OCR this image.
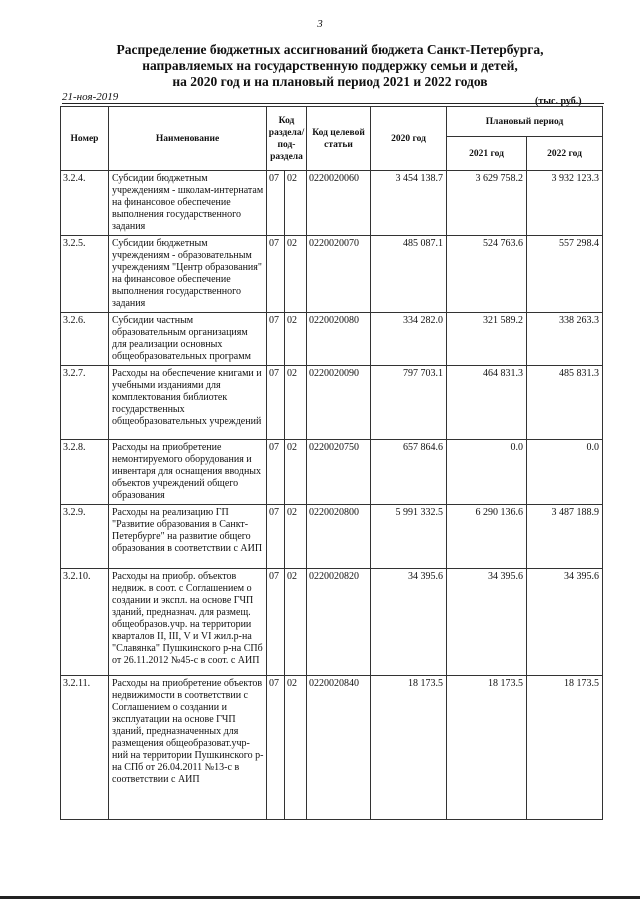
3
Распределение бюджетных ассигнований бюджета Санкт-Петербурга,
направляемых на государственную поддержку семьи и детей,
на 2020 год и на плановый период 2021 и 2022 годов
21-ноя-2019	(тыс. руб.)
Номер	Наименование	Код раздела/ под-раздела		Код целевой статьи	2020 год	Плановый период	
						2021 год	2022 год
3.2.4.	Субсидии бюджетным учреждениям - школам-интернатам на финансовое обеспечение выполнения государственного задания	07	02	0220020060	3 454 138.7	3 629 758.2	3 932 123.3
3.2.5.	Субсидии бюджетным учреждениям - образовательным учреждениям "Центр образования" на финансовое обеспечение выполнения государственного задания	07	02	0220020070	485 087.1	524 763.6	557 298.4
3.2.6.	Субсидии частным образовательным организациям для реализации основных общеобразовательных программ	07	02	0220020080	334 282.0	321 589.2	338 263.3
3.2.7.	Расходы на обеспечение книгами и учебными изданиями для комплектования библиотек государственных общеобразовательных учреждений	07	02	0220020090	797 703.1	464 831.3	485 831.3
3.2.8.	Расходы на приобретение немонтируемого оборудования и инвентаря для оснащения вводных объектов учреждений общего образования	07	02	0220020750	657 864.6	0.0	0.0
3.2.9.	Расходы на реализацию ГП "Развитие образования в Санкт-Петербурге" на развитие общего образования в соответствии с АИП	07	02	0220020800	5 991 332.5	6 290 136.6	3 487 188.9
3.2.10.	Расходы на приобр. объектов недвиж. в соот. с Соглашением о создании и экспл. на основе ГЧП зданий, предназнач. для размещ. общеобразов.учр. на территории кварталов II, III, V и VI жил.р-на "Славянка" Пушкинского р-на СПб от 26.11.2012 №45-с в соот. с АИП	07	02	0220020820	34 395.6	34 395.6	34 395.6
3.2.11.	Расходы на приобретение объектов недвижимости в соответствии с Соглашением о создании и эксплуатации на основе ГЧП зданий, предназначенных для размещения общеобразоват.учр-ний на территории Пушкинского р-на СПб от 26.04.2011 №13-с в соответствии с АИП	07	02	0220020840	18 173.5	18 173.5	18 173.5
